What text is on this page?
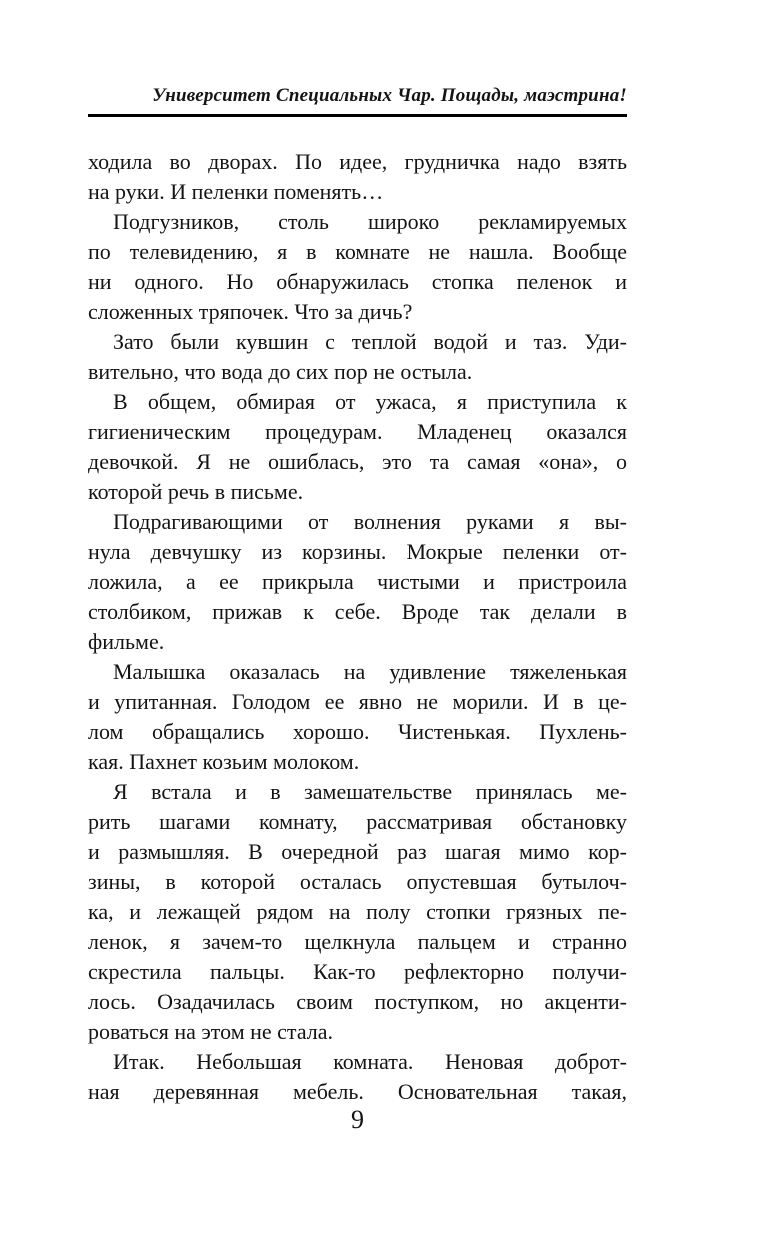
Университет Специальных Чар. Пощады, маэстрина!

ходила во дворах. По идее, грудничка надо взять
на руки. И пеленки поменять…

Подгузников, столь широко рекламируемых
по телевидению, я в комнате не нашла. Вообще
ни одного. Но обнаружилась стопка пеленок и
сложенных тряпочек. Что за дичь?

Зато были кувшин с теплой водой и таз. Уди-
вительно, что вода до сих пор не остыла.

В общем, обмирая от ужаса, я приступила к
гигиеническим процедурам. Младенец оказался
девочкой. Я не ошиблась, это та самая «она», о
которой речь в письме.

Подрагивающими от волнения руками я вы-
нула девчушку из корзины. Мокрые пеленки от-
ложила, а ее прикрыла чистыми и пристроила
столбиком, прижав к себе. Вроде так делали в
фильме.

Малышка оказалась на удивление тяжеленькая
и упитанная. Голодом ее явно не морили. И в це-
лом обращались хорошо. Чистенькая. Пухлень-
кая. Пахнет козьим молоком.

Я встала и в замешательстве принялась ме-
рить шагами комнату, рассматривая обстановку
и размышляя. В очередной раз шагая мимо кор-
зины, в которой осталась опустевшая бутылоч-
ка, и лежащей рядом на полу стопки грязных пе-
ленок, я зачем-то щелкнула пальцем и странно
скрестила пальцы. Как-то рефлекторно получи-
лось. Озадачилась своим поступком, но акценти-
роваться на этом не стала.

Итак. Небольшая комната. Неновая доброт-
ная деревянная мебель. Основательная такая,

9
